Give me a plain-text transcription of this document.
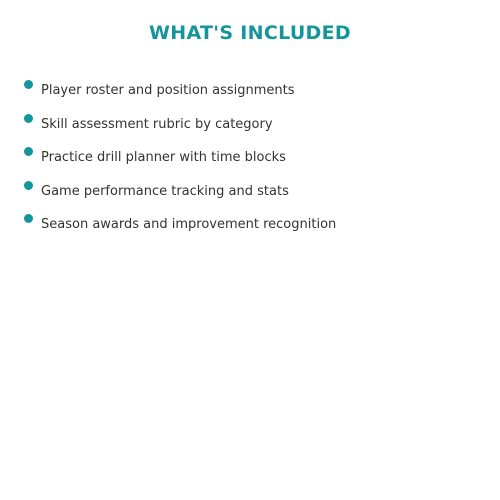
WHAT'S INCLUDED
Player roster and position assignments
Skill assessment rubric by category
Practice drill planner with time blocks
Game performance tracking and stats
Season awards and improvement recognition
